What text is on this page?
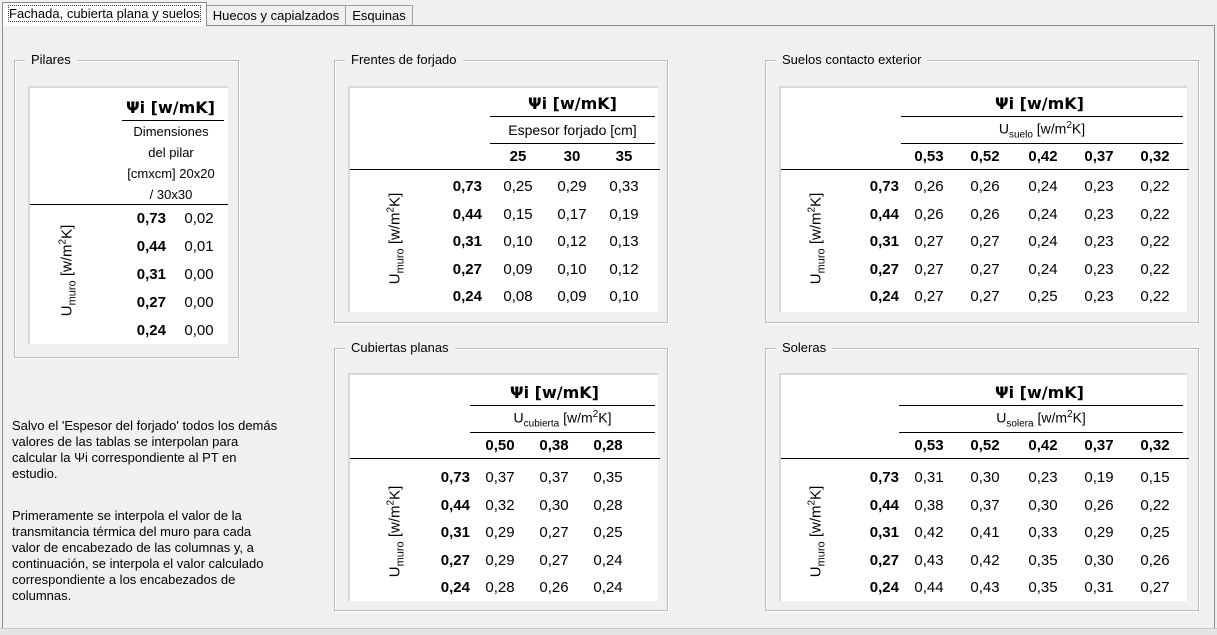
Fachada, cubierta plana y suelos	Huecos y capialzados	Esquinas
Pilares
Ψi [w/mK]
Dimensiones
del pilar
[cmxcm] 20x20
/ 30x30
0,73	0,02
0,44	0,01
0,31	0,00
0,27	0,00
0,24	0,00
$U_{muro}$ $[w/m^2K]$
Frentes de forjado
Ψi [w/mK]
Espesor forjado [cm]
25	30	35
0,73	0,25	0,29	0,33
0,44	0,15	0,17	0,19
0,31	0,10	0,12	0,13
0,27	0,09	0,10	0,12
0,24	0,08	0,09	0,10
$U_{muro}$ $[w/m^2K]$
Suelos contacto exterior
Ψi [w/mK]
$U_{suelo}$ $[w/m^2K]$
0,53	0,52	0,42	0,37	0,32
0,73	0,26	0,26	0,24	0,23	0,22
0,44	0,26	0,26	0,24	0,23	0,22
0,31	0,27	0,27	0,24	0,23	0,22
0,27	0,27	0,27	0,24	0,23	0,22
0,24	0,27	0,27	0,25	0,23	0,22
$U_{muro}$ $[w/m^2K]$
Cubiertas planas
Ψi [w/mK]
$U_{cubierta}$ $[w/m^2K]$
0,50	0,38	0,28
0,73	0,37	0,37	0,35
0,44	0,32	0,30	0,28
0,31	0,29	0,27	0,25
0,27	0,29	0,27	0,24
0,24	0,28	0,26	0,24
$U_{muro}$ $[w/m^2K]$
Soleras
Ψi [w/mK]
$U_{solera}$ $[w/m^2K]$
0,53	0,52	0,42	0,37	0,32
0,73	0,31	0,30	0,23	0,19	0,15
0,44	0,38	0,37	0,30	0,26	0,22
0,31	0,42	0,41	0,33	0,29	0,25
0,27	0,43	0,42	0,35	0,30	0,26
0,24	0,44	0,43	0,35	0,31	0,27
$U_{muro}$ $[w/m^2K]$
Salvo el 'Espesor del forjado' todos los demás
valores de las tablas se interpolan para
calcular la Ψi correspondiente al PT en
estudio.
Primeramente se interpola el valor de la
transmitancia térmica del muro para cada
valor de encabezado de las columnas y, a
continuación, se interpola el valor calculado
correspondiente a los encabezados de
columnas.
